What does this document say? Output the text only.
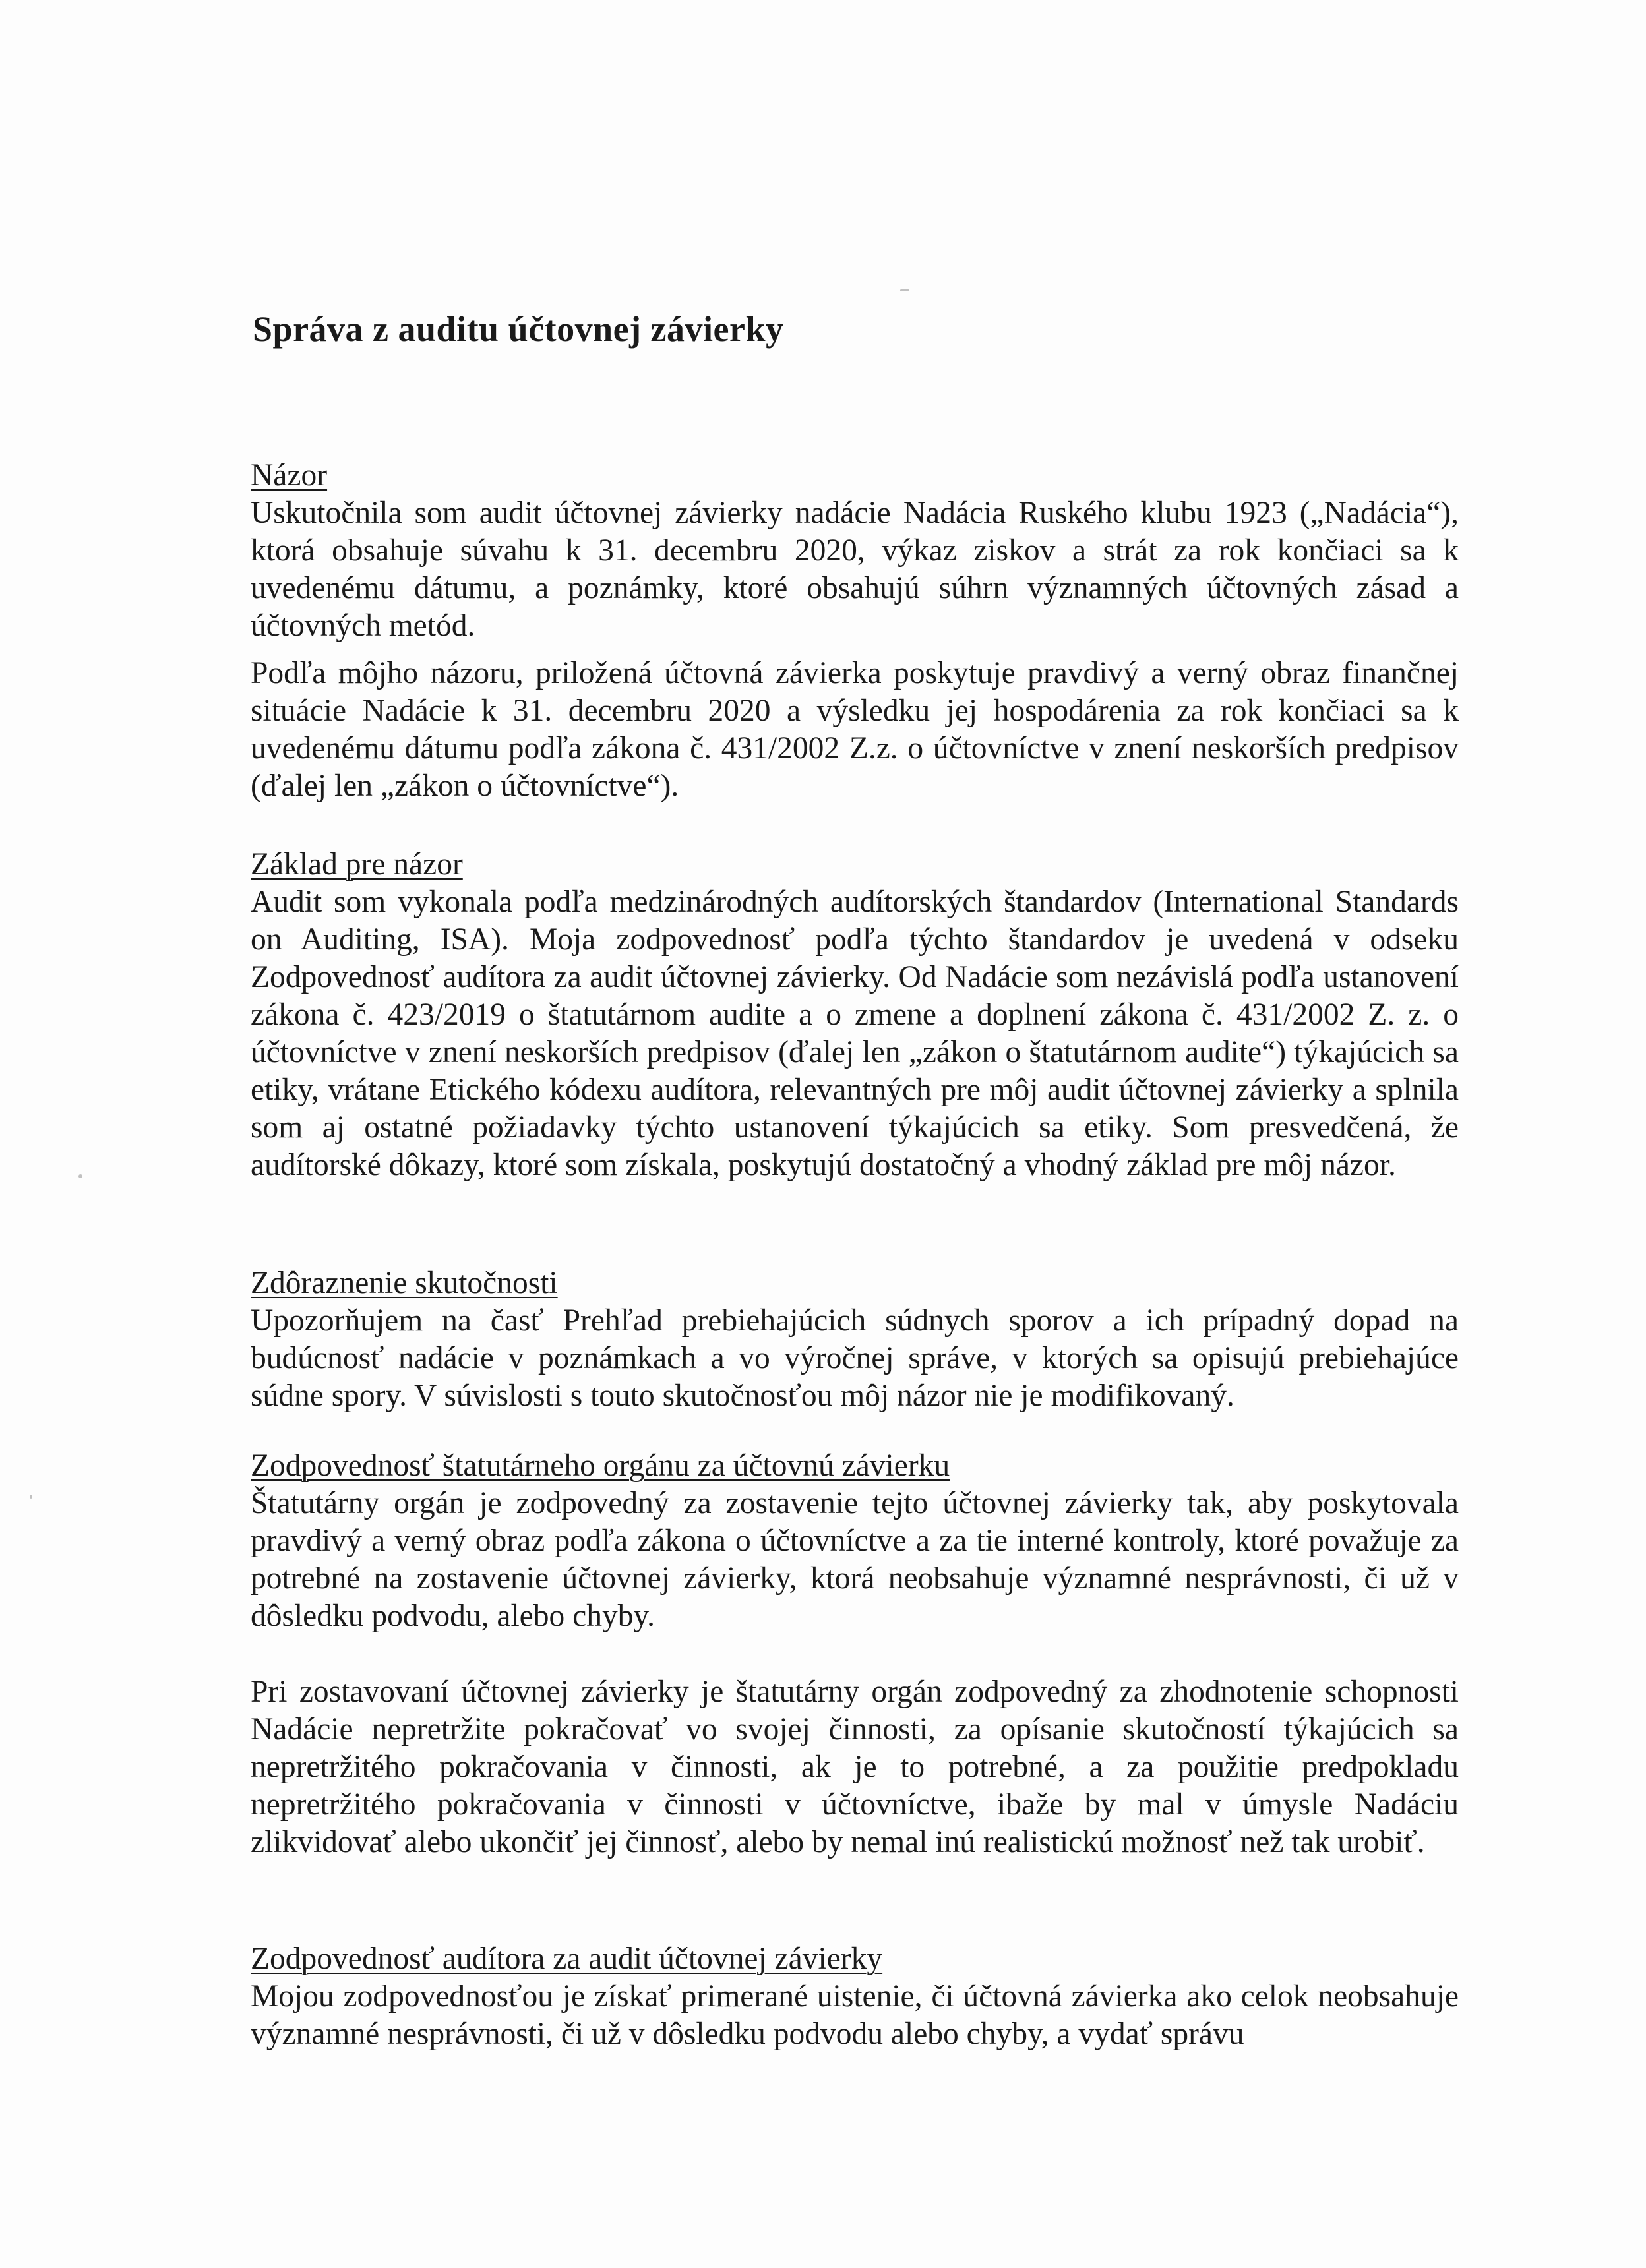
Správa z auditu účtovnej závierky
Názor

Uskutočnila som audit účtovnej závierky nadácie Nadácia Ruského klubu 1923 („Nadácia“), ktorá obsahuje súvahu k 31. decembru 2020, výkaz ziskov a strát za rok končiaci sa k uvedenému dátumu, a poznámky, ktoré obsahujú súhrn významných účtovných zásad a účtovných metód.

Podľa môjho názoru, priložená účtovná závierka poskytuje pravdivý a verný obraz finančnej situácie Nadácie k 31. decembru 2020 a výsledku jej hospodárenia za rok končiaci sa k uvedenému dátumu podľa zákona č. 431/2002 Z.z. o účtovníctve v znení neskorších predpisov (ďalej len „zákon o účtovníctve“).

Základ pre názor

Audit som vykonala podľa medzinárodných audítorských štandardov (International Standards on Auditing, ISA). Moja zodpovednosť podľa týchto štandardov je uvedená v odseku Zodpovednosť audítora za audit účtovnej závierky. Od Nadácie som nezávislá podľa ustanovení zákona č. 423/2019 o štatutárnom audite a o zmene a doplnení zákona č. 431/2002 Z. z. o účtovníctve v znení neskorších predpisov (ďalej len „zákon o štatutárnom audite“) týkajúcich sa etiky, vrátane Etického kódexu audítora, relevantných pre môj audit účtovnej závierky a splnila som aj ostatné požiadavky týchto ustanovení týkajúcich sa etiky. Som presvedčená, že audítorské dôkazy, ktoré som získala, poskytujú dostatočný a vhodný základ pre môj názor.

Zdôraznenie skutočnosti

Upozorňujem na časť Prehľad prebiehajúcich súdnych sporov a ich prípadný dopad na budúcnosť nadácie v poznámkach a vo výročnej správe, v ktorých sa opisujú prebiehajúce súdne spory. V súvislosti s touto skutočnosťou môj názor nie je modifikovaný.

Zodpovednosť štatutárneho orgánu za účtovnú závierku

Štatutárny orgán je zodpovedný za zostavenie tejto účtovnej závierky tak, aby poskytovala pravdivý a verný obraz podľa zákona o účtovníctve a za tie interné kontroly, ktoré považuje za potrebné na zostavenie účtovnej závierky, ktorá neobsahuje významné nesprávnosti, či už v dôsledku podvodu, alebo chyby.

Pri zostavovaní účtovnej závierky je štatutárny orgán zodpovedný za zhodnotenie schopnosti Nadácie nepretržite pokračovať vo svojej činnosti, za opísanie skutočností týkajúcich sa nepretržitého pokračovania v činnosti, ak je to potrebné, a za použitie predpokladu nepretržitého pokračovania v činnosti v účtovníctve, ibaže by mal v úmysle Nadáciu zlikvidovať alebo ukončiť jej činnosť, alebo by nemal inú realistickú možnosť než tak urobiť.

Zodpovednosť audítora za audit účtovnej závierky

Mojou zodpovednosťou je získať primerané uistenie, či účtovná závierka ako celok neobsahuje významné nesprávnosti, či už v dôsledku podvodu alebo chyby, a vydať správu
